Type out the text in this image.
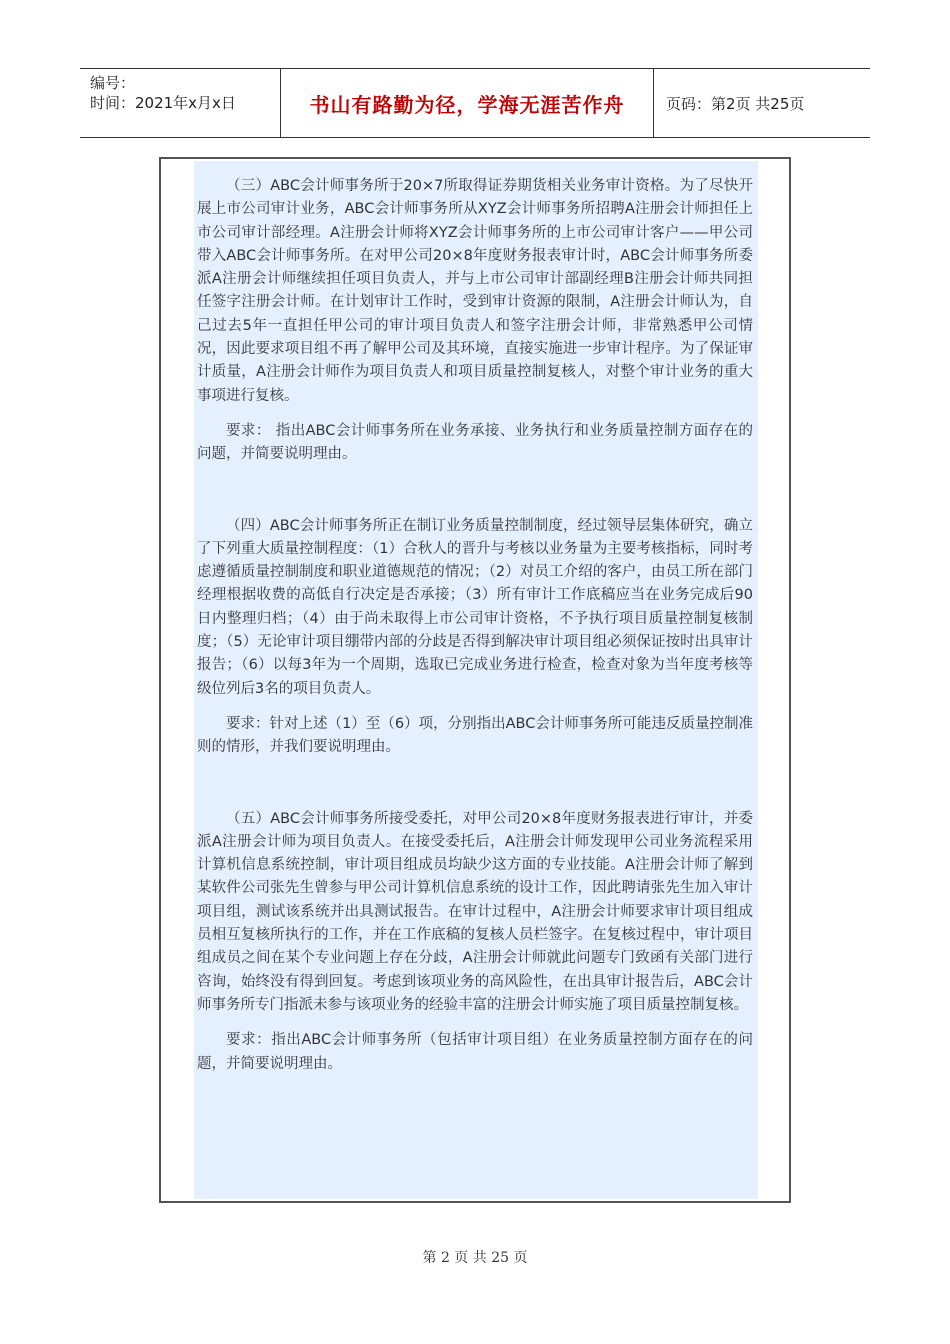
编号：
时间：2021年x月x日	书山有路勤为径，学海无涯苦作舟	页码：第2页 共25页

（三）ABC会计师事务所于20×7所取得证券期货相关业务审计资格。为了尽快开展上市公司审计业务，ABC会计师事务所从XYZ会计师事务所招聘A注册会计师担任上市公司审计部经理。A注册会计师将XYZ会计师事务所的上市公司审计客户——甲公司带入ABC会计师事务所。在对甲公司20×8年度财务报表审计时，ABC会计师事务所委派A注册会计师继续担任项目负责人，并与上市公司审计部副经理B注册会计师共同担任签字注册会计师。在计划审计工作时，受到审计资源的限制，A注册会计师认为，自己过去5年一直担任甲公司的审计项目负责人和签字注册会计师，非常熟悉甲公司情况，因此要求项目组不再了解甲公司及其环境，直接实施进一步审计程序。为了保证审计质量，A注册会计师作为项目负责人和项目质量控制复核人，对整个审计业务的重大事项进行复核。

要求： 指出ABC会计师事务所在业务承接、业务执行和业务质量控制方面存在的问题，并简要说明理由。

（四）ABC会计师事务所正在制订业务质量控制制度，经过领导层集体研究，确立了下列重大质量控制程度：（1）合秋人的晋升与考核以业务量为主要考核指标，同时考虑遵循质量控制制度和职业道德规范的情况；（2）对员工介绍的客户，由员工所在部门经理根据收费的高低自行决定是否承接；（3）所有审计工作底稿应当在业务完成后90日内整理归档；（4）由于尚未取得上市公司审计资格，不予执行项目质量控制复核制度；（5）无论审计项目绷带内部的分歧是否得到解决审计项目组必须保证按时出具审计报告；（6）以每3年为一个周期，选取已完成业务进行检查，检查对象为当年度考核等级位列后3名的项目负责人。

要求：针对上述（1）至（6）项，分别指出ABC会计师事务所可能违反质量控制准则的情形，并我们要说明理由。

（五）ABC会计师事务所接受委托，对甲公司20×8年度财务报表进行审计，并委派A注册会计师为项目负责人。在接受委托后，A注册会计师发现甲公司业务流程采用计算机信息系统控制，审计项目组成员均缺少这方面的专业技能。A注册会计师了解到某软件公司张先生曾参与甲公司计算机信息系统的设计工作，因此聘请张先生加入审计项目组，测试该系统并出具测试报告。在审计过程中，A注册会计师要求审计项目组成员相互复核所执行的工作，并在工作底稿的复核人员栏签字。在复核过程中，审计项目组成员之间在某个专业问题上存在分歧，A注册会计师就此问题专门致函有关部门进行咨询，始终没有得到回复。考虑到该项业务的高风险性，在出具审计报告后，ABC会计师事务所专门指派未参与该项业务的经验丰富的注册会计师实施了项目质量控制复核。

要求：指出ABC会计师事务所（包括审计项目组）在业务质量控制方面存在的问题，并简要说明理由。

第 2 页 共 25 页
